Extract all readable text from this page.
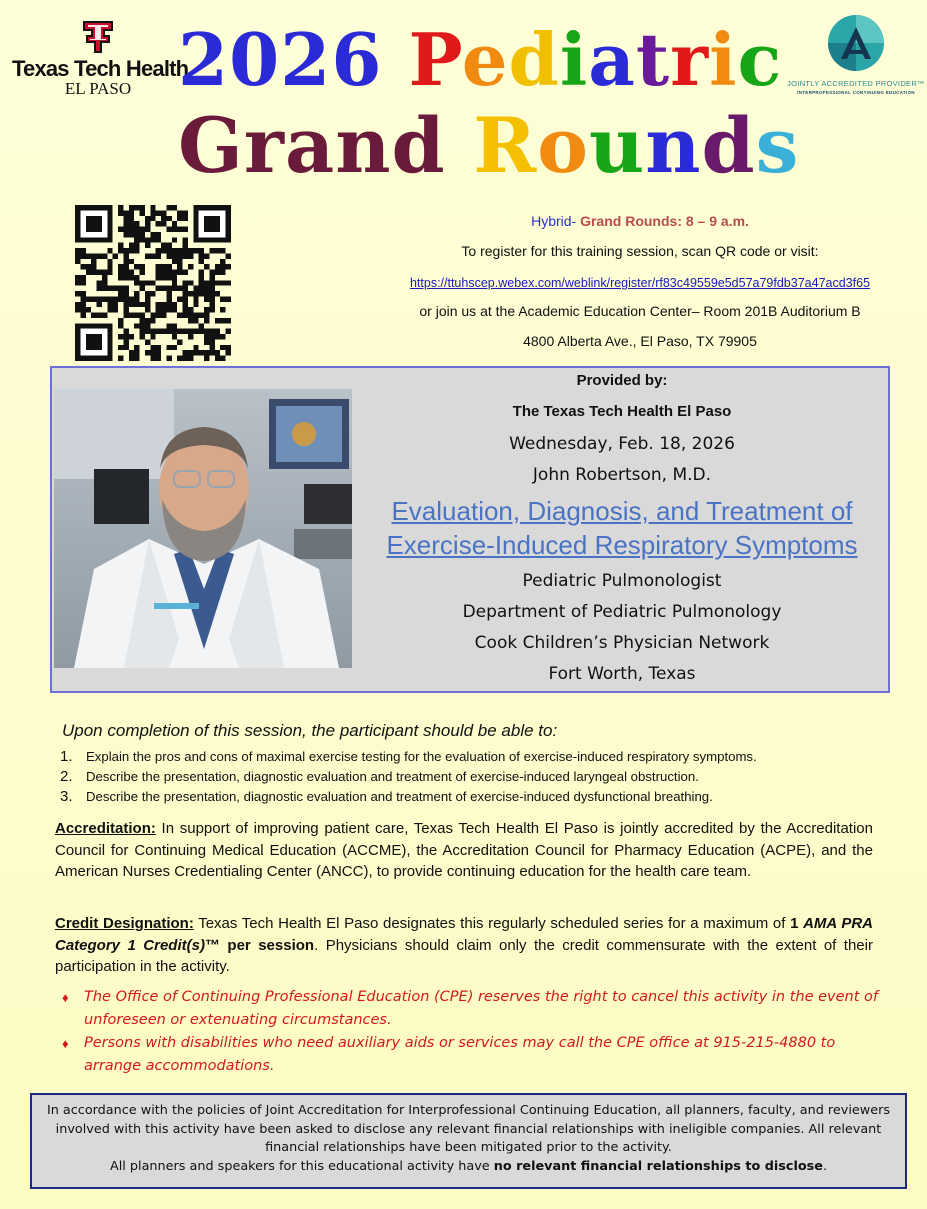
Texas Tech Health
EL PASO 2026 Pediatric
Grand Rounds
JOINTLY ACCREDITED PROVIDER™
INTERPROFESSIONAL CONTINUING EDUCATION
Hybrid- Grand Rounds: 8 – 9 a.m.
To register for this training session, scan QR code or visit:
https://ttuhscep.webex.com/weblink/register/rf83c49559e5d57a79fdb37a47acd3f65
or join us at the Academic Education Center– Room 201B Auditorium B
4800 Alberta Ave., El Paso, TX 79905
Provided by:
The Texas Tech Health El Paso
Wednesday, Feb. 18, 2026
John Robertson, M.D.
Evaluation, Diagnosis, and Treatment of
Exercise-Induced Respiratory Symptoms
Pediatric Pulmonologist
Department of Pediatric Pulmonology
Cook Children’s Physician Network
Fort Worth, Texas
Upon completion of this session, the participant should be able to:
1.	Explain the pros and cons of maximal exercise testing for the evaluation of exercise-induced respiratory symptoms.
2.	Describe the presentation, diagnostic evaluation and treatment of exercise-induced laryngeal obstruction.
3.	Describe the presentation, diagnostic evaluation and treatment of exercise-induced dysfunctional breathing.
Accreditation: In support of improving patient care, Texas Tech Health El Paso is jointly accredited by the Accreditation Council for Continuing Medical Education (ACCME), the Accreditation Council for Pharmacy Education (ACPE), and the American Nurses Credentialing Center (ANCC), to provide continuing education for the health care team.
Credit Designation: Texas Tech Health El Paso designates this regularly scheduled series for a maximum of 1 AMA PRA Category 1 Credit(s)™ per session. Physicians should claim only the credit commensurate with the extent of their participation in the activity.
♦	The Office of Continuing Professional Education (CPE) reserves the right to cancel this activity in the event of unforeseen or extenuating circumstances.
♦	Persons with disabilities who need auxiliary aids or services may call the CPE office at 915-215-4880 to arrange accommodations.
In accordance with the policies of Joint Accreditation for Interprofessional Continuing Education, all planners, faculty, and reviewers involved with this activity have been asked to disclose any relevant financial relationships with ineligible companies. All relevant financial relationships have been mitigated prior to the activity.
All planners and speakers for this educational activity have no relevant financial relationships to disclose.
